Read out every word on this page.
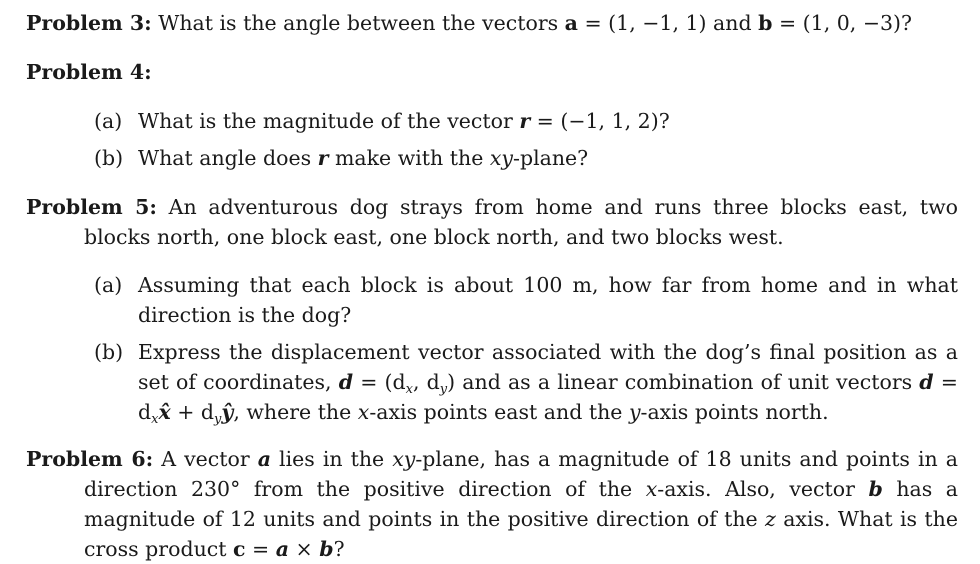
Problem 3: What is the angle between the vectors a = (1, −1, 1) and b = (1, 0, −3)?
Problem 4:
(a) What is the magnitude of the vector r = (−1, 1, 2)?
(b) What angle does r make with the xy-plane?
Problem 5: An adventurous dog strays from home and runs three blocks east, two blocks north, one block east, one block north, and two blocks west.
(a) Assuming that each block is about 100 m, how far from home and in what direction is the dog?
(b) Express the displacement vector associated with the dog’s final position as a set of coordinates, $d = (d_x$, $d_y$) and as a linear combination of unit vectors $d = d_xx̂$ + $d_yŷ$, where the x-axis points east and the y-axis points north.
Problem 6: A vector a lies in the xy-plane, has a magnitude of 18 units and points in a direction 230° from the positive direction of the x-axis. Also, vector b has a magnitude of 12 units and points in the positive direction of the z axis. What is the cross product c = a × b?
